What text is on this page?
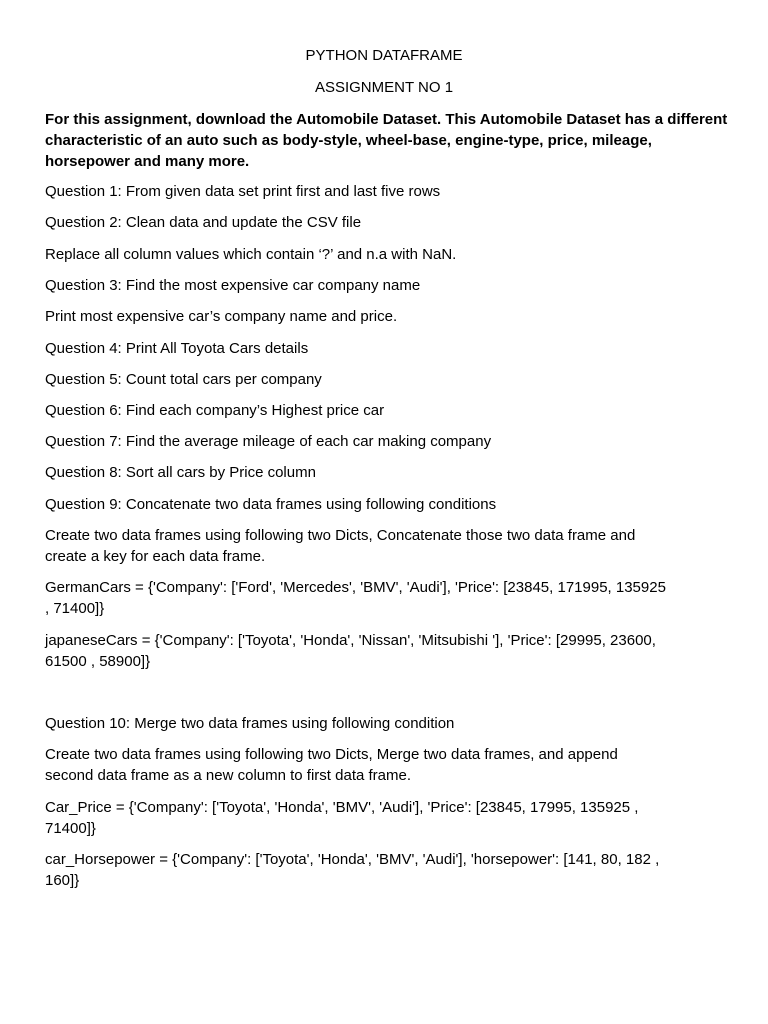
PYTHON DATAFRAME
ASSIGNMENT NO 1
For this assignment, download the Automobile Dataset. This Automobile Dataset has a different characteristic of an auto such as body-style, wheel-base, engine-type, price, mileage, horsepower and many more.
Question 1: From given data set print first and last five rows
Question 2: Clean data and update the CSV file
Replace all column values which contain ‘?’ and n.a with NaN.
Question 3: Find the most expensive car company name
Print most expensive car’s company name and price.
Question 4: Print All Toyota Cars details
Question 5: Count total cars per company
Question 6: Find each company’s Highest price car
Question 7: Find the average mileage of each car making company
Question 8: Sort all cars by Price column
Question 9: Concatenate two data frames using following conditions
Create two data frames using following two Dicts, Concatenate those two data frame and
create a key for each data frame.
GermanCars = {'Company': ['Ford', 'Mercedes', 'BMV', 'Audi'], 'Price': [23845, 171995, 135925
, 71400]}
japaneseCars = {'Company': ['Toyota', 'Honda', 'Nissan', 'Mitsubishi '], 'Price': [29995, 23600,
61500 , 58900]}
Question 10: Merge two data frames using following condition
Create two data frames using following two Dicts, Merge two data frames, and append
second data frame as a new column to first data frame.
Car_Price = {'Company': ['Toyota', 'Honda', 'BMV', 'Audi'], 'Price': [23845, 17995, 135925 ,
71400]}
car_Horsepower = {'Company': ['Toyota', 'Honda', 'BMV', 'Audi'], 'horsepower': [141, 80, 182 ,
160]}
